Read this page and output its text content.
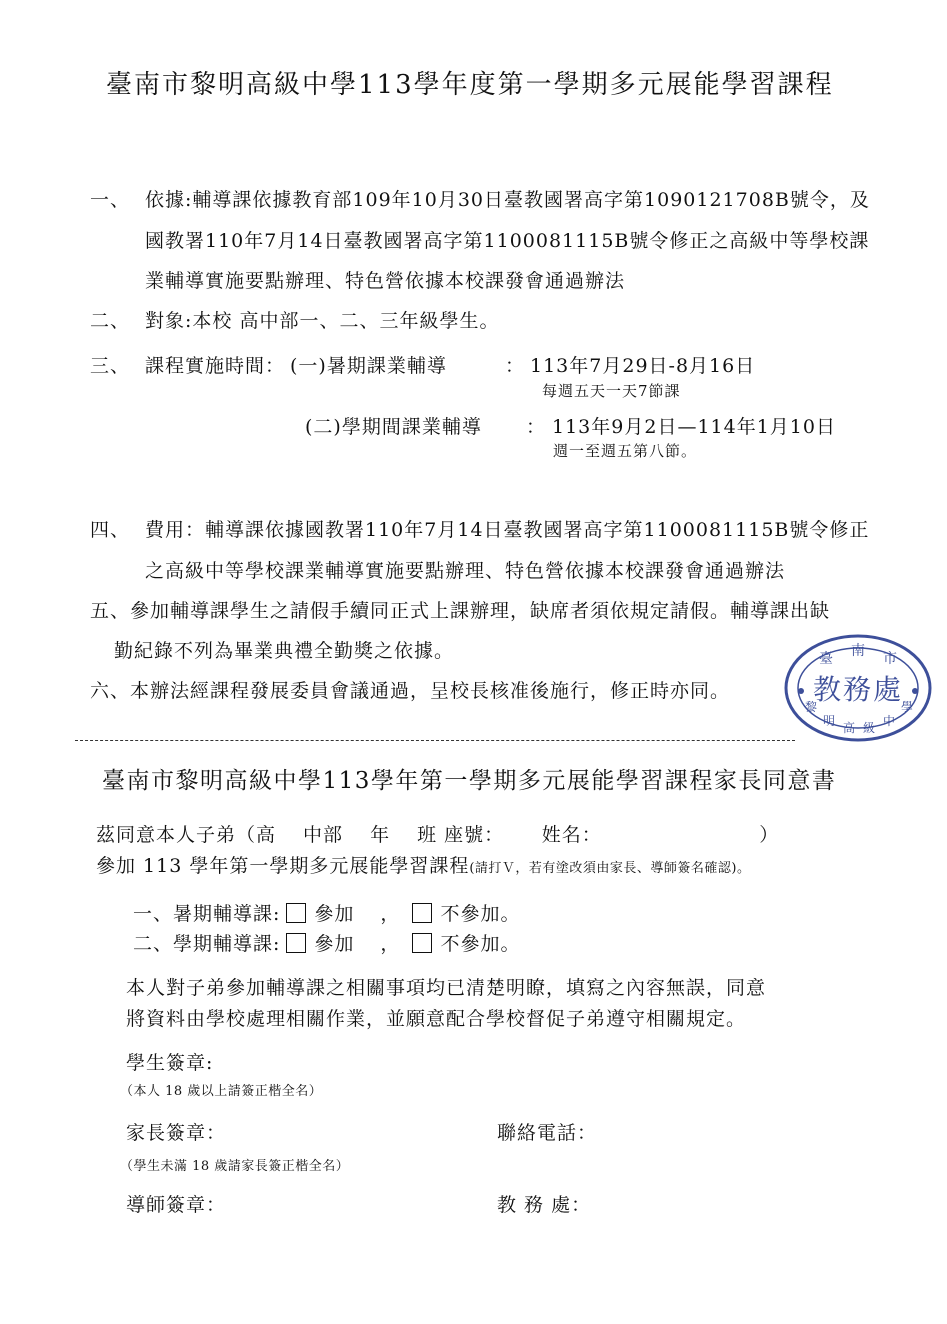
臺南市黎明高級中學113學年度第一學期多元展能學習課程
一、 依據:輔導課依據教育部109年10月30日臺教國署高字第1090121708B號令，及
國教署110年7月14日臺教國署高字第1100081115B號令修正之高級中等學校課
業輔導實施要點辦理、特色營依據本校課發會通過辦法
二、 對象:本校 高中部一、二、三年級學生。
三、 課程實施時間： (一)暑期課業輔導	： 113年7月29日-8月16日
每週五天一天7節課
(二)學期間課業輔導 ： 113年9月2日—114年1月10日
週一至週五第八節。
四、 費用：輔導課依據國教署110年7月14日臺教國署高字第1100081115B號令修正
之高級中等學校課業輔導實施要點辦理、特色營依據本校課發會通過辦法
五、參加輔導課學生之請假手續同正式上課辦理，缺席者須依規定請假。輔導課出缺
勤紀錄不列為畢業典禮全勤獎之依據。
六、本辦法經課程發展委員會議通過，呈校長核准後施行，修正時亦同。
臺 南 市
教務處
黎
明 高 級 中
學
臺南市黎明高級中學113學年第一學期多元展能學習課程家長同意書
茲同意本人子弟（高　 中部　 年　 班 座號：　　 姓名：　　　　　　　　 ）
參加 113 學年第一學期多元展能學習課程(請打Ｖ，若有塗改須由家長、導師簽名確認)。
一、暑期輔導課: 參加 ， 不參加。
二、學期輔導課: 參加 ， 不參加。
本人對子弟參加輔導課之相關事項均已清楚明瞭，填寫之內容無誤，同意
將資料由學校處理相關作業，並願意配合學校督促子弟遵守相關規定。
學生簽章:
（本人 18 歲以上請簽正楷全名）
家長簽章：	聯絡電話：
（學生未滿 18 歲請家長簽正楷全名）
導師簽章：	教 務 處：
